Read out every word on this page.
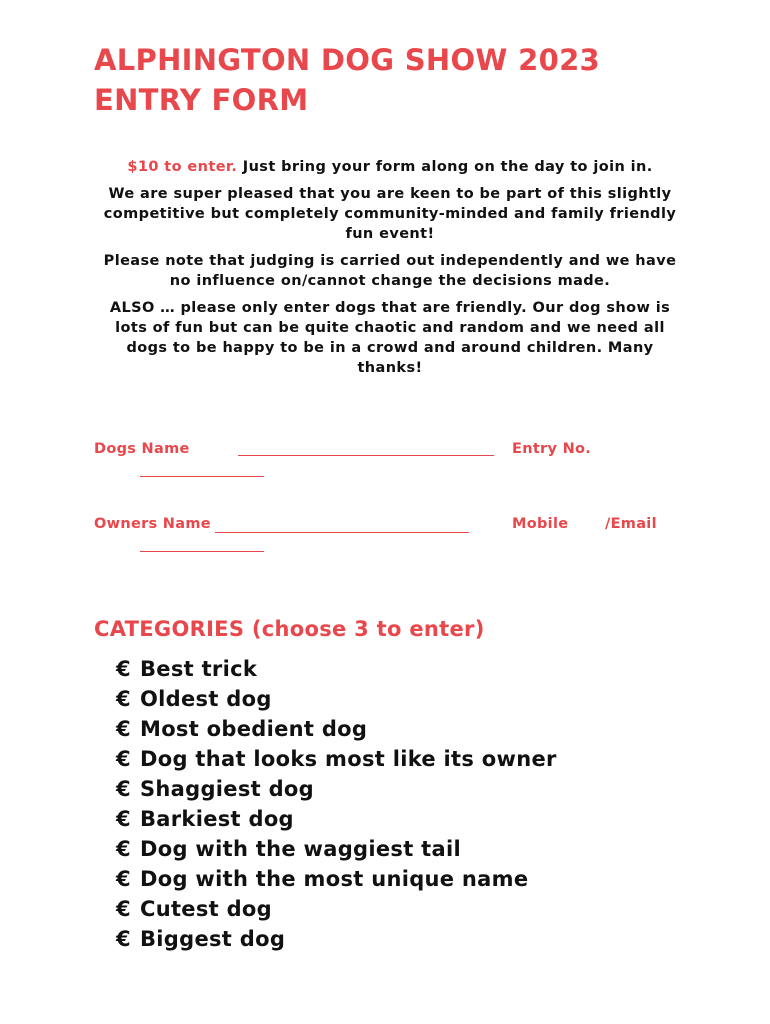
ALPHINGTON DOG SHOW 2023
ENTRY FORM

$10 to enter. Just bring your form along on the day to join in.

We are super pleased that you are keen to be part of this slightly competitive but completely community-minded and family friendly fun event!

Please note that judging is carried out independently and we have no influence on/cannot change the decisions made.

ALSO … please only enter dogs that are friendly. Our dog show is lots of fun but can be quite chaotic and random and we need all dogs to be happy to be in a crowd and around children. Many thanks!

Dogs Name	Entry No.
Owners Name	Mobile	/Email
CATEGORIES (choose 3 to enter)
€ Best trick
€ Oldest dog
€ Most obedient dog
€ Dog that looks most like its owner
€ Shaggiest dog
€ Barkiest dog
€ Dog with the waggiest tail
€ Dog with the most unique name
€ Cutest dog
€ Biggest dog
